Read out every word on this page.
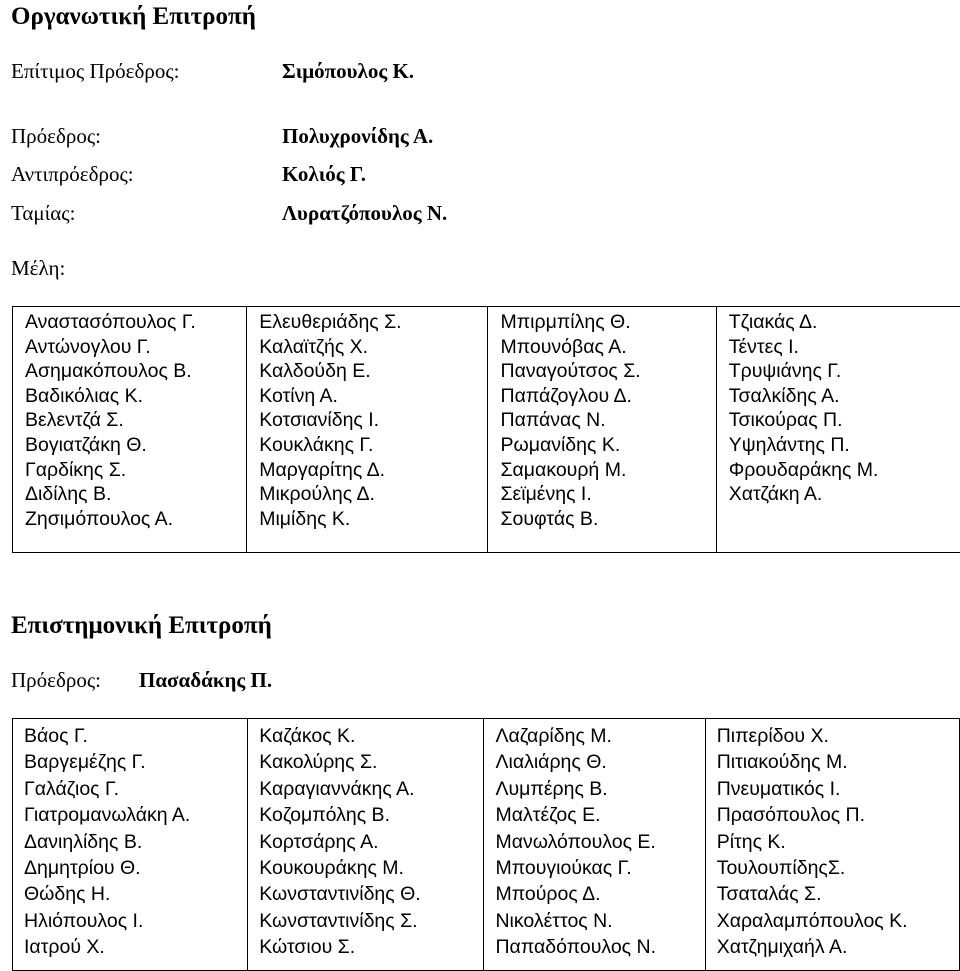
Οργανωτική Επιτροπή
Επίτιμος Πρόεδρος:	Σιμόπουλος Κ.
Πρόεδρος:	Πολυχρονίδης Α.
Αντιπρόεδρος:	Κολιός Γ.
Ταμίας:	Λυρατζόπουλος Ν.
Μέλη:
Αναστασόπουλος Γ.
Αντώνογλου Γ.
Ασημακόπουλος Β.
Βαδικόλιας Κ.
Βελεντζά Σ.
Βογιατζάκη Θ.
Γαρδίκης Σ.
Διδίλης Β.
Ζησιμόπουλος Α.

Ελευθεριάδης Σ.
Καλαϊτζής Χ.
Καλδούδη Ε.
Κοτίνη Α.
Κοτσιανίδης Ι.
Κουκλάκης Γ.
Μαργαρίτης Δ.
Μικρούλης Δ.
Μιμίδης Κ.

Μπιρμπίλης Θ.
Μπουνόβας Α.
Παναγούτσος Σ.
Παπάζογλου Δ.
Παπάνας Ν.
Ρωμανίδης Κ.
Σαμακουρή Μ.
Σεϊμένης Ι.
Σουφτάς Β.

Τζιακάς Δ.
Τέντες Ι.
Τρυψιάνης Γ.
Τσαλκίδης Α.
Τσικούρας Π.
Υψηλάντης Π.
Φρουδαράκης Μ.
Χατζάκη Α.
Επιστημονική Επιτροπή
Πρόεδρος: Πασαδάκης Π.
Βάος Γ.
Βαργεμέζης Γ.
Γαλάζιος Γ.
Γιατρομανωλάκη Α.
Δανιηλίδης Β.
Δημητρίου Θ.
Θώδης Η.
Ηλιόπουλος Ι.
Ιατρού Χ.

Καζάκος Κ.
Κακολύρης Σ.
Καραγιαννάκης Α.
Κοζομπόλης Β.
Κορτσάρης Α.
Κουκουράκης Μ.
Κωνσταντινίδης Θ.
Κωνσταντινίδης Σ.
Κώτσιου Σ.

Λαζαρίδης Μ.
Λιαλιάρης Θ.
Λυμπέρης Β.
Μαλτέζος Ε.
Μανωλόπουλος Ε.
Μπουγιούκας Γ.
Μπούρος Δ.
Νικολέττος Ν.
Παπαδόπουλος Ν.

Πιπερίδου Χ.
Πιτιακούδης Μ.
Πνευματικός Ι.
Πρασόπουλος Π.
Ρίτης Κ.
ΤουλουπίδηςΣ.
Τσαταλάς Σ.
Χαραλαμπόπουλος Κ.
Χατζημιχαήλ Α.
